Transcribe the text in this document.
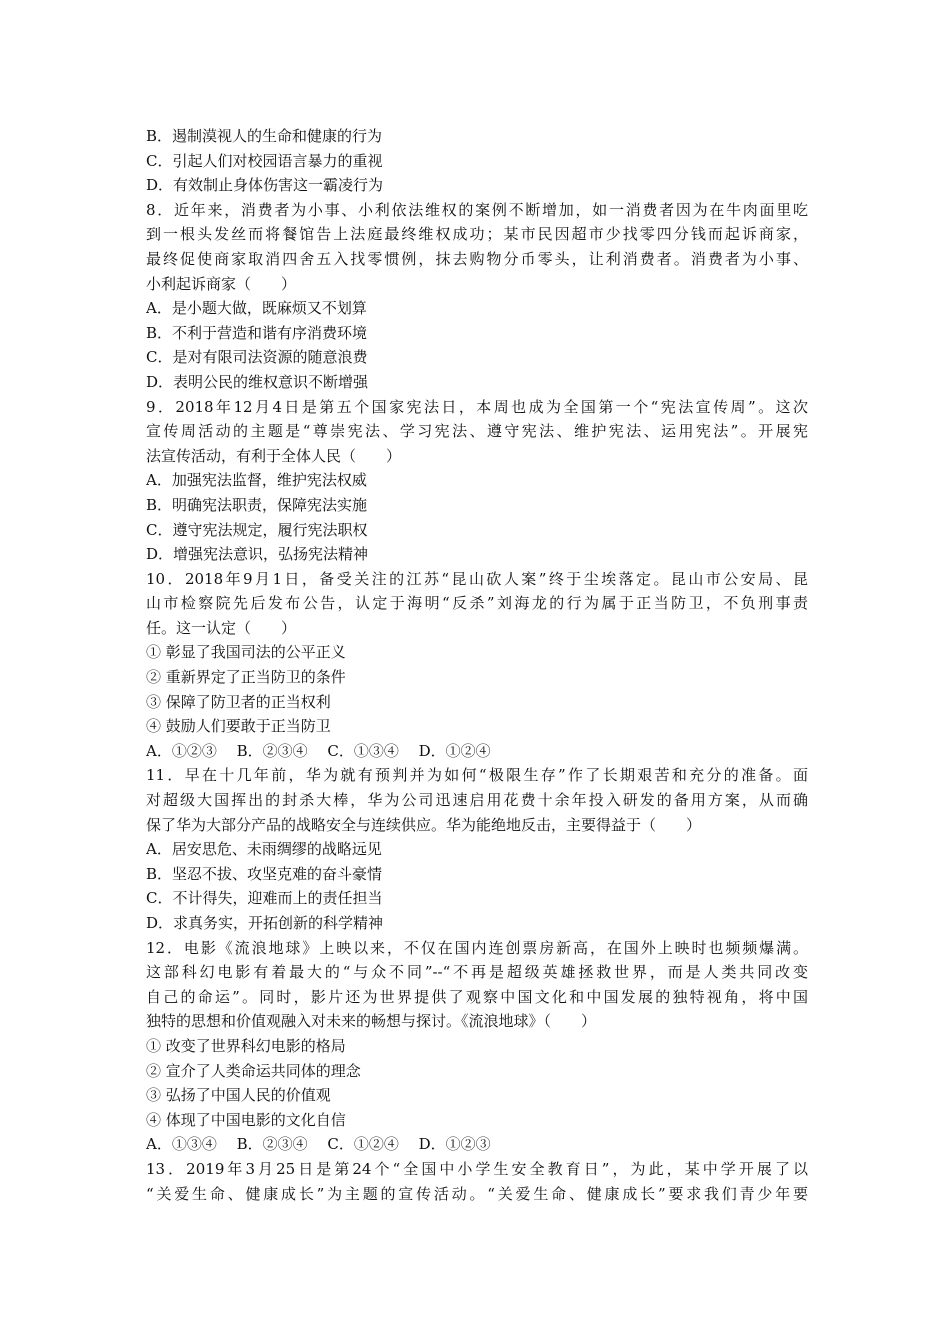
B．遏制漠视人的生命和健康的行为
C．引起人们对校园语言暴力的重视
D．有效制止身体伤害这一霸凌行为
8．近年来，消费者为小事、小利依法维权的案例不断增加，如一消费者因为在牛肉面里吃
到一根头发丝而将餐馆告上法庭最终维权成功；某市民因超市少找零四分钱而起诉商家，
最终促使商家取消四舍五入找零惯例，抹去购物分币零头，让利消费者。消费者为小事、
小利起诉商家（　　）
A．是小题大做，既麻烦又不划算
B．不利于营造和谐有序消费环境
C．是对有限司法资源的随意浪费
D．表明公民的维权意识不断增强
9．2018年12月4日是第五个国家宪法日，本周也成为全国第一个“宪法宣传周”。这次
宣传周活动的主题是“尊崇宪法、学习宪法、遵守宪法、维护宪法、运用宪法”。开展宪
法宣传活动，有利于全体人民（　　）
A．加强宪法监督，维护宪法权威
B．明确宪法职责，保障宪法实施
C．遵守宪法规定，履行宪法职权
D．增强宪法意识，弘扬宪法精神
10．2018年9月1日，备受关注的江苏“昆山砍人案”终于尘埃落定。昆山市公安局、昆
山市检察院先后发布公告，认定于海明“反杀”刘海龙的行为属于正当防卫，不负刑事责
任。这一认定（　　）
① 彰显了我国司法的公平正义
② 重新界定了正当防卫的条件
③ 保障了防卫者的正当权利
④ 鼓励人们要敢于正当防卫
A．①②③　 B．②③④　 C．①③④　 D．①②④
11．早在十几年前，华为就有预判并为如何“极限生存”作了长期艰苦和充分的准备。面
对超级大国挥出的封杀大棒，华为公司迅速启用花费十余年投入研发的备用方案，从而确
保了华为大部分产品的战略安全与连续供应。华为能绝地反击，主要得益于（　　）
A．居安思危、未雨绸缪的战略远见
B．坚忍不拔、攻坚克难的奋斗豪情
C．不计得失，迎难而上的责任担当
D．求真务实，开拓创新的科学精神
12．电影《流浪地球》上映以来，不仅在国内连创票房新高，在国外上映时也频频爆满。
这部科幻电影有着最大的“与众不同”--“不再是超级英雄拯救世界，而是人类共同改变
自己的命运”。同时，影片还为世界提供了观察中国文化和中国发展的独特视角，将中国
独特的思想和价值观融入对未来的畅想与探讨。《流浪地球》（　　）
① 改变了世界科幻电影的格局
② 宣介了人类命运共同体的理念
③ 弘扬了中国人民的价值观
④ 体现了中国电影的文化自信
A．①③④　 B．②③④　 C．①②④　 D．①②③
13．2019年3月25日是第24个“全国中小学生安全教育日”，为此，某中学开展了以
“关爱生命、健康成长”为主题的宣传活动。“关爱生命、健康成长”要求我们青少年要
